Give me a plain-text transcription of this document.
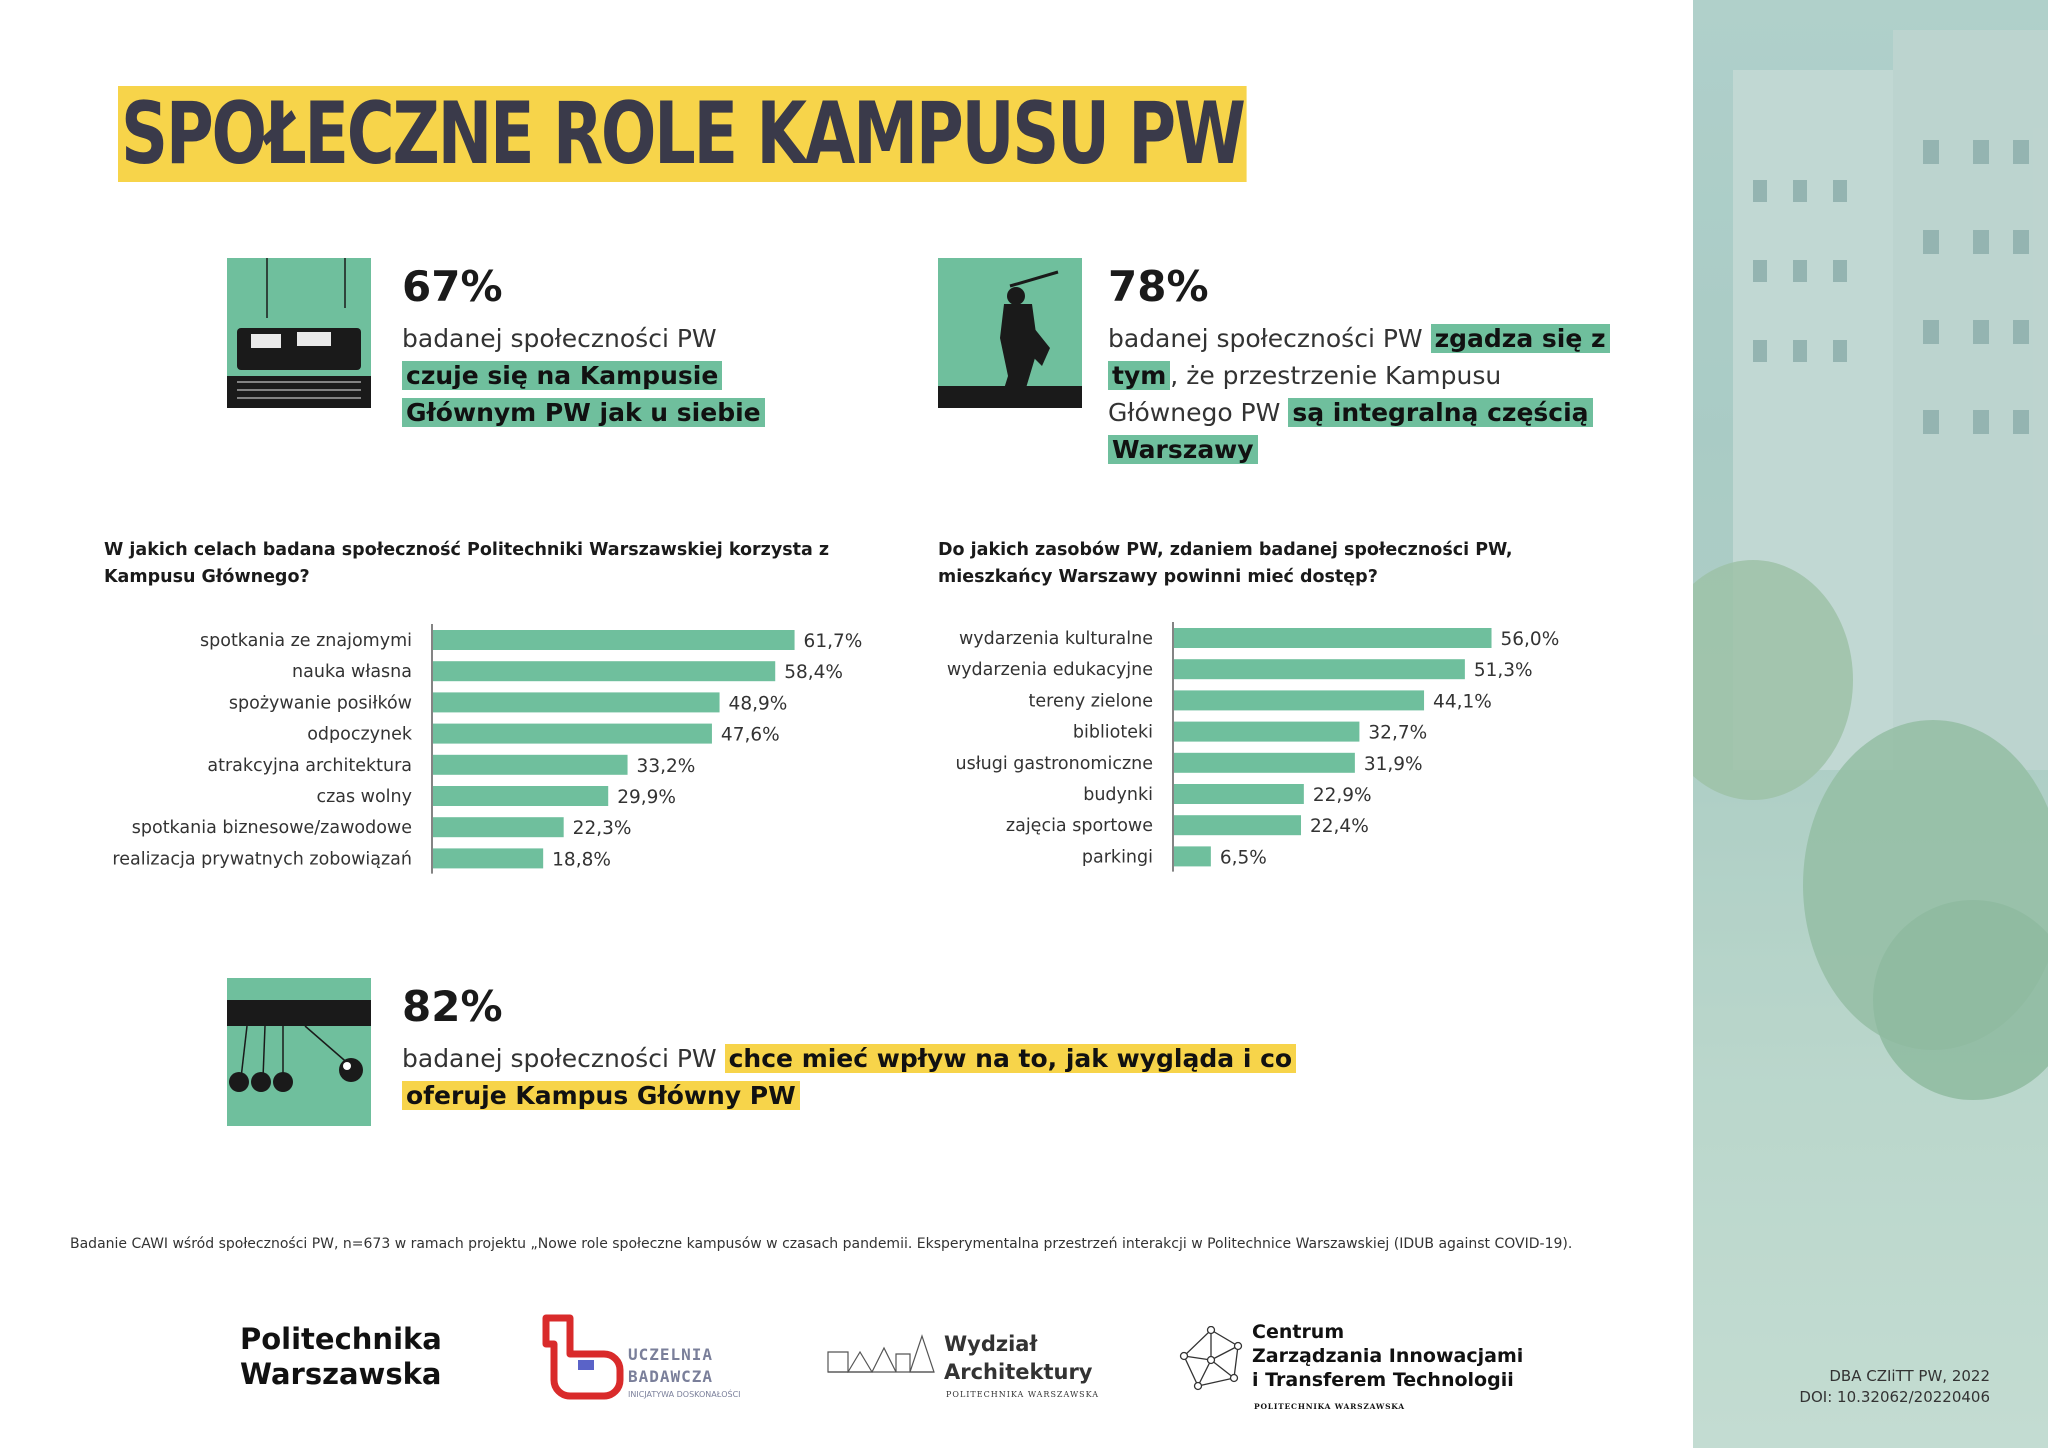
SPOŁECZNE ROLE KAMPUSU PW
67%
badanej społeczności PW
czuje się na Kampusie Głównym PW jak u siebie
78%
badanej społeczności PW zgadza się z tym , że przestrzenie Kampusu Głównego PW są integralną częścią Warszawy
82%
badanej społeczności PW chce mieć wpływ na to, jak wygląda i co oferuje Kampus Główny PW
W jakich celach badana społeczność Politechniki Warszawskiej korzysta z Kampusu Głównego?
Do jakich zasobów PW, zdaniem badanej społeczności PW, mieszkańcy Warszawy powinni mieć dostęp?
spotkania ze znajomymi	61,7%
nauka własna	58,4%
spożywanie posiłków	48,9%
odpoczynek	47,6%
atrakcyjna architektura	33,2%
czas wolny	29,9%
spotkania biznesowe/zawodowe	22,3%
realizacja prywatnych zobowiązań	18,8%
wydarzenia kulturalne	56,0%
wydarzenia edukacyjne	51,3%
tereny zielone	44,1%
biblioteki	32,7%
usługi gastronomiczne	31,9%
budynki	22,9%
zajęcia sportowe	22,4%
parkingi	6,5%
Badanie CAWI wśród społeczności PW, n=673 w ramach projektu „Nowe role społeczne kampusów w czasach pandemii. Eksperymentalna przestrzeń interakcji w Politechnice Warszawskiej (IDUB against COVID-19).
Politechnika
Warszawska
UCZELNIA
BADAWCZA
INICJATYWA DOSKONAŁOŚCI
Wydział
Architektury
POLITECHNIKA WARSZAWSKA
Centrum
Zarządzania Innowacjami
i Transferem Technologii
POLITECHNIKA WARSZAWSKA
DBA CZIiTT PW, 2022
DOI: 10.32062/20220406
